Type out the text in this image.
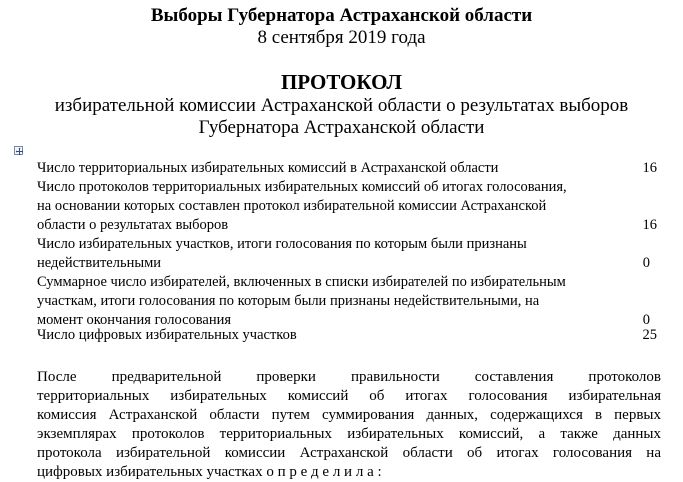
Выборы Губернатора Астраханской области
8 сентября 2019 года
ПРОТОКОЛ
избирательной комиссии Астраханской области о результатах выборов
Губернатора Астраханской области
Число территориальных избирательных комиссий в Астраханской области	16
Число протоколов территориальных избирательных комиссий об итогах голосования,
на основании которых составлен протокол избирательной комиссии Астраханской
области о результатах выборов	16
Число избирательных участков, итоги голосования по которым были признаны
недействительными	0
Суммарное число избирателей, включенных в списки избирателей по избирательным
участкам, итоги голосования по которым были признаны недействительными, на
момент окончания голосования	0
Число цифровых избирательных участков	25
После предварительной проверки правильности составления протоколов
территориальных избирательных комиссий об итогах голосования избирательная
комиссия Астраханской области путем суммирования данных, содержащихся в первых
экземплярах протоколов территориальных избирательных комиссий, а также данных
протокола избирательной комиссии Астраханской области об итогах голосования на
цифровых избирательных участках о п р е д е л и л а :
